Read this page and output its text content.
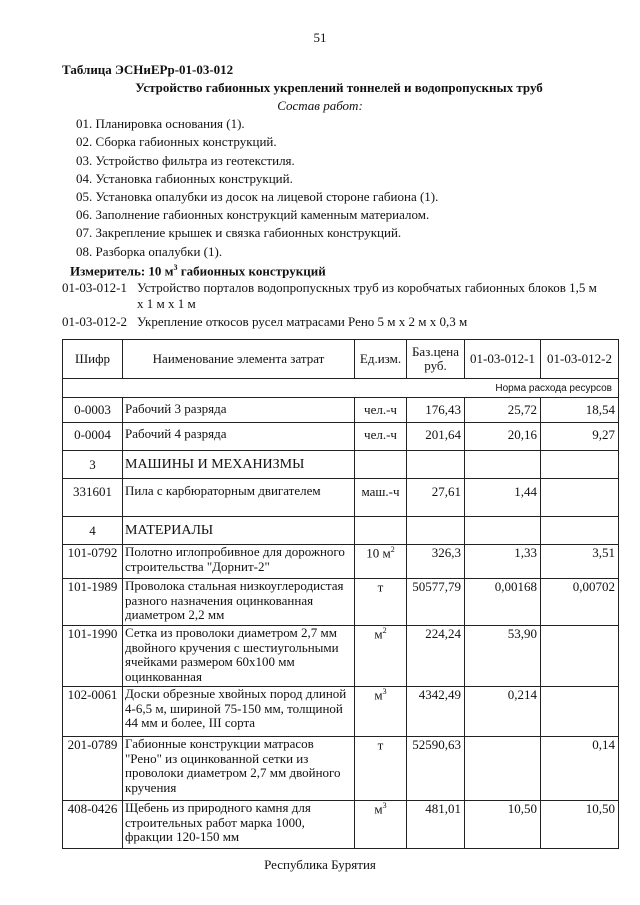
51
Таблица ЭСНиЕРр-01-03-012
Устройство габионных укреплений тоннелей и водопропускных труб
Состав работ:
01. Планировка основания (1).
02. Сборка габионных конструкций.
03. Устройство фильтра из геотекстиля.
04. Установка габионных конструкций.
05. Установка опалубки из досок на лицевой стороне габиона (1).
06. Заполнение габионных конструкций каменным материалом.
07. Закрепление крышек и связка габионных конструкций.
08. Разборка опалубки (1).
Измеритель: 10 $м^3$ габионных конструкций
01-03-012-1 Устройство порталов водопропускных труб из коробчатых габионных блоков 1,5 м
х 1 м х 1 м
01-03-012-2 Укрепление откосов русел матрасами Рено 5 м х 2 м х 0,3 м
Шифр	Наименование элемента затрат	Ед.изм.	Баз.цена
руб.	01-03-012-1	01-03-012-2
Норма расхода ресурсов					
0-0003	Рабочий 3 разряда	чел.-ч	176,43	25,72	18,54
0-0004	Рабочий 4 разряда	чел.-ч	201,64	20,16	9,27
3	МАШИНЫ И МЕХАНИЗМЫ				
331601	Пила с карбюраторным двигателем	маш.-ч	27,61	1,44	
4	МАТЕРИАЛЫ				
101-0792	Полотно иглопробивное для дорожного
строительства "Дорнит-2"	10 $м^2$	326,3	1,33	3,51
101-1989	Проволока стальная низкоуглеродистая
разного назначения оцинкованная
диаметром 2,2 мм	т	50577,79	0,00168	0,00702
101-1990	Сетка из проволоки диаметром 2,7 мм
двойного кручения с шестиугольными
ячейками размером 60х100 мм
оцинкованная	$м^2$	224,24	53,90	
102-0061	Доски обрезные хвойных пород длиной
4-6,5 м, шириной 75-150 мм, толщиной
44 мм и более, III сорта	$м^3$	4342,49	0,214	
201-0789	Габионные конструкции матрасов
"Рено" из оцинкованной сетки из
проволоки диаметром 2,7 мм двойного
кручения	т	52590,63		0,14
408-0426	Щебень из природного камня для
строительных работ марка 1000,
фракции 120-150 мм	$м^3$	481,01	10,50	10,50
Республика Бурятия
